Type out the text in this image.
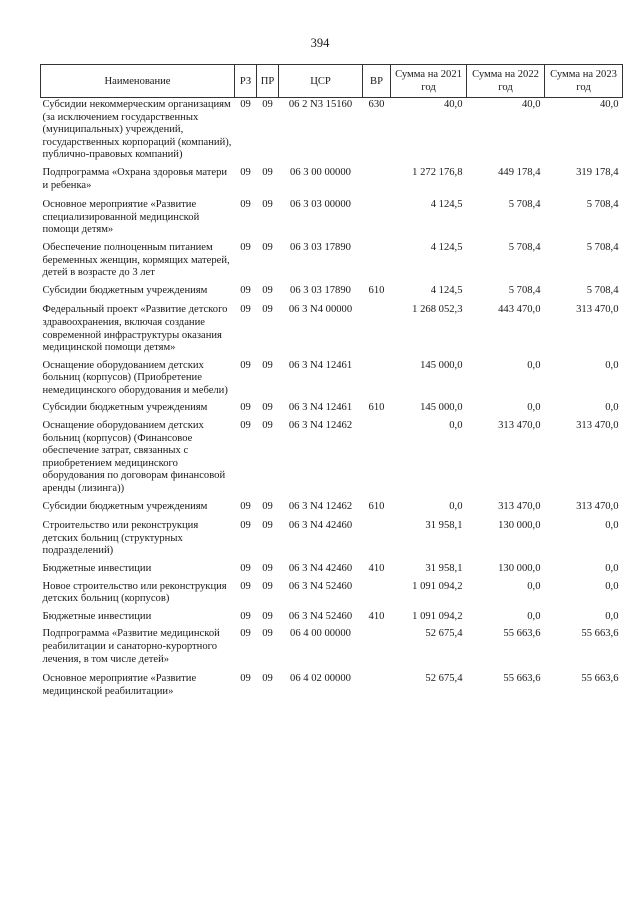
394
Наименование	РЗ	ПР	ЦСР	ВР	Сумма на 2021 год	Сумма на 2022 год	Сумма на 2023 год
Субсидии некоммерческим организациям (за исключением государственных (муниципальных) учреждений, государственных корпораций (компаний), публично-правовых компаний)	09	09	06 2 N3 15160	630	40,0	40,0	40,0
Подпрограмма «Охрана здоровья матери и ребенка»	09	09	06 3 00 00000		1 272 176,8	449 178,4	319 178,4
Основное мероприятие «Развитие специализированной медицинской помощи детям»	09	09	06 3 03 00000		4 124,5	5 708,4	5 708,4
Обеспечение полноценным питанием беременных женщин, кормящих матерей, детей в возрасте до 3 лет	09	09	06 3 03 17890		4 124,5	5 708,4	5 708,4
Субсидии бюджетным учреждениям	09	09	06 3 03 17890	610	4 124,5	5 708,4	5 708,4
Федеральный проект «Развитие детского здравоохранения, включая создание современной инфраструктуры оказания медицинской помощи детям»	09	09	06 3 N4 00000		1 268 052,3	443 470,0	313 470,0
Оснащение оборудованием детских больниц (корпусов) (Приобретение немедицинского оборудования и мебели)	09	09	06 3 N4 12461		145 000,0	0,0	0,0
Субсидии бюджетным учреждениям	09	09	06 3 N4 12461	610	145 000,0	0,0	0,0
Оснащение оборудованием детских больниц (корпусов) (Финансовое обеспечение затрат, связанных с приобретением медицинского оборудования по договорам финансовой аренды (лизинга))	09	09	06 3 N4 12462		0,0	313 470,0	313 470,0
Субсидии бюджетным учреждениям	09	09	06 3 N4 12462	610	0,0	313 470,0	313 470,0
Строительство или реконструкция детских больниц (структурных подразделений)	09	09	06 3 N4 42460		31 958,1	130 000,0	0,0
Бюджетные инвестиции	09	09	06 3 N4 42460	410	31 958,1	130 000,0	0,0
Новое строительство или реконструкция детских больниц (корпусов)	09	09	06 3 N4 52460		1 091 094,2	0,0	0,0
Бюджетные инвестиции	09	09	06 3 N4 52460	410	1 091 094,2	0,0	0,0
Подпрограмма «Развитие медицинской реабилитации и санаторно-курортного лечения, в том числе детей»	09	09	06 4 00 00000		52 675,4	55 663,6	55 663,6
Основное мероприятие «Развитие медицинской реабилитации»	09	09	06 4 02 00000		52 675,4	55 663,6	55 663,6
